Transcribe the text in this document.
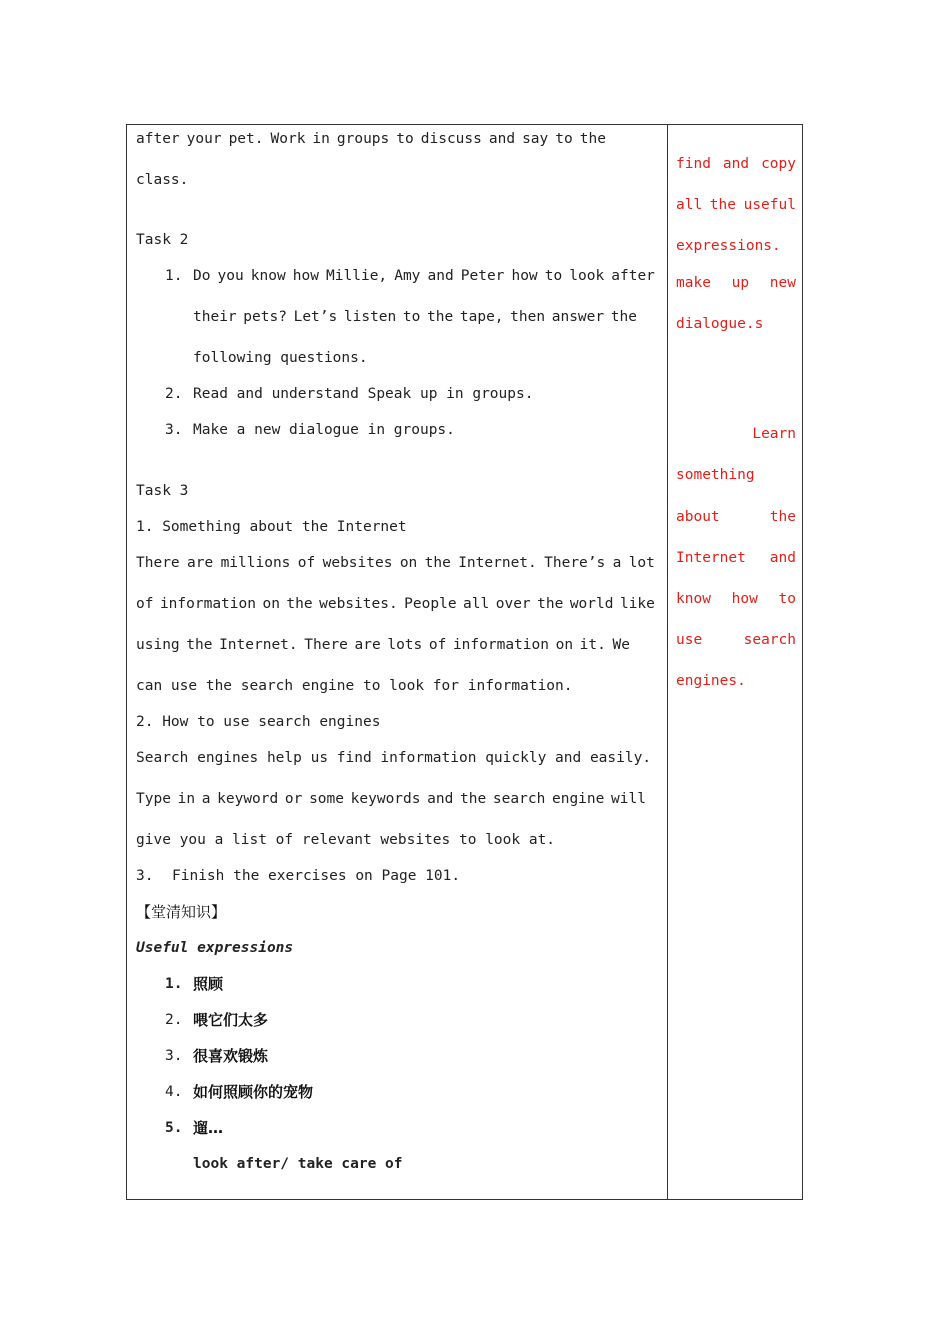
after your pet. Work in groups to discuss and say to the
class.
Task 2
1. Do you know how Millie, Amy and Peter how to look after
their pets? Let’s listen to the tape, then answer the
following questions.
2. Read and understand Speak up in groups.
3. Make a new dialogue in groups.
Task 3
1. Something about the Internet
There are millions of websites on the Internet. There’s a lot
of information on the websites. People all over the world like
using the Internet. There are lots of information on it. We
can use the search engine to look for information.
2. How to use search engines
Search engines help us find information quickly and easily.
Type in a keyword or some keywords and the search engine will
give you a list of relevant websites to look at.
3. Finish the exercises on Page 101.
【堂清知识】
Useful expressions
1. 照顾
2. 喂它们太多
3. 很喜欢锻炼
4. 如何照顾你的宠物
5. 遛…
look after/ take care of
find and copy
all the useful
expressions.
make up new
dialogue.s
Learn
something
about	the
Internet and
know how to
use	search
engines.
